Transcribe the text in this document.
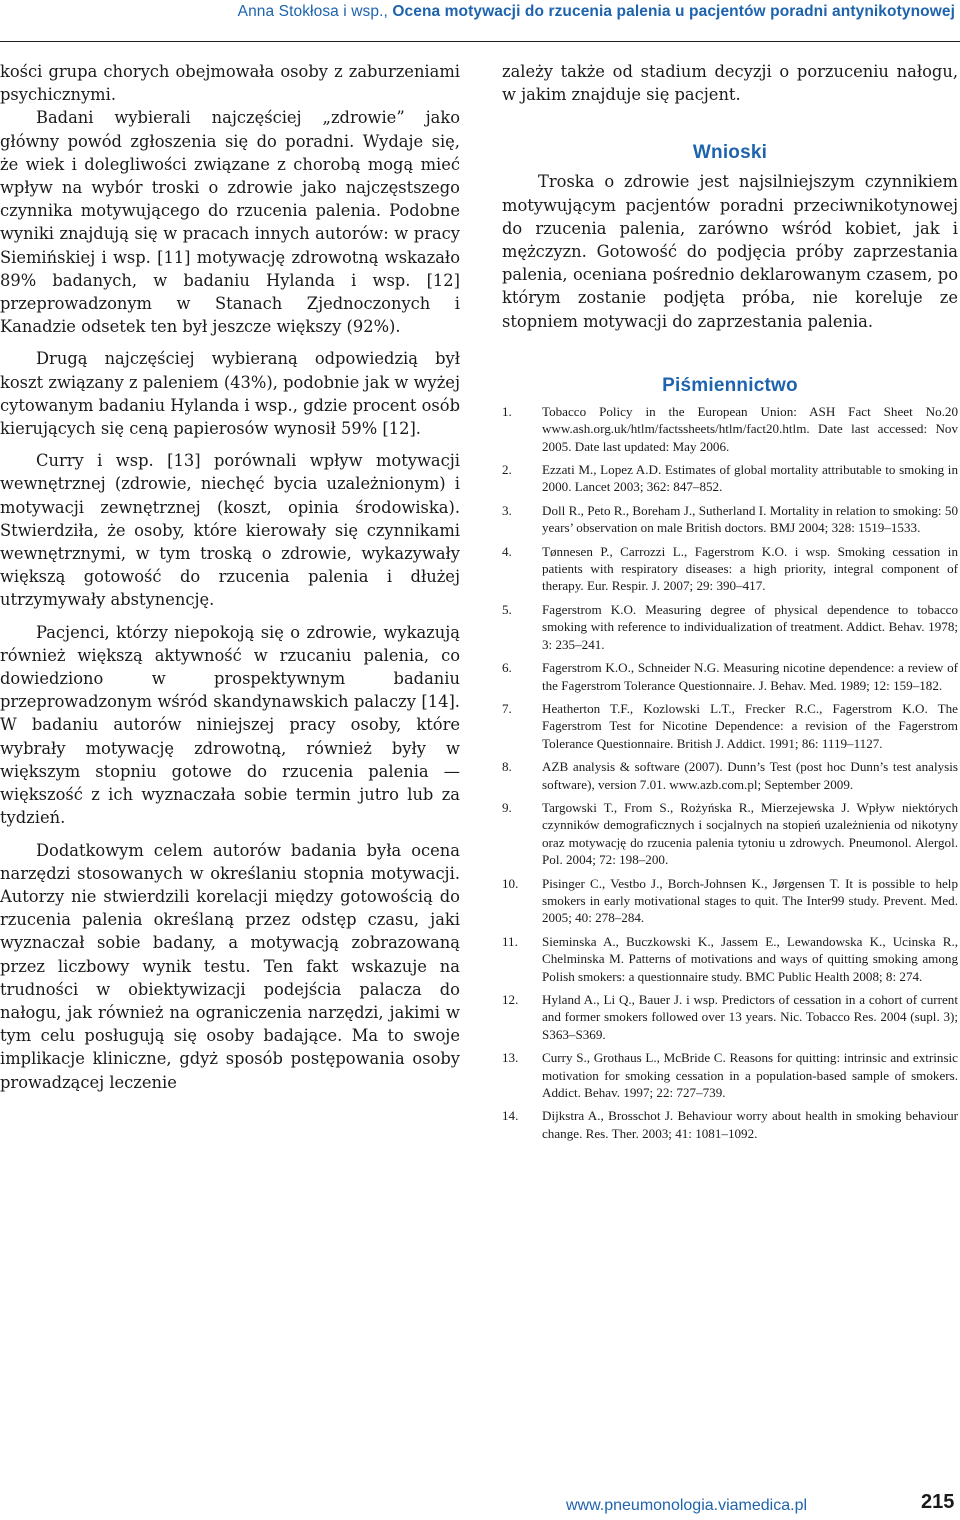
Anna Stokłosa i wsp., Ocena motywacji do rzucenia palenia u pacjentów poradni antynikotynowej

kości grupa chorych obejmowała osoby z zaburzeniami psychicznymi.

Badani wybierali najczęściej „zdrowie” jako główny powód zgłoszenia się do poradni. Wydaje się, że wiek i dolegliwości związane z chorobą mogą mieć wpływ na wybór troski o zdrowie jako najczęstszego czynnika motywującego do rzucenia palenia. Podobne wyniki znajdują się w pracach innych autorów: w pracy Siemińskiej i wsp. [11] motywację zdrowotną wskazało 89% badanych, w badaniu Hylanda i wsp. [12] przeprowadzonym w Stanach Zjednoczonych i Kanadzie odsetek ten był jeszcze większy (92%).

Drugą najczęściej wybieraną odpowiedzią był koszt związany z paleniem (43%), podobnie jak w wyżej cytowanym badaniu Hylanda i wsp., gdzie procent osób kierujących się ceną papierosów wynosił 59% [12].

Curry i wsp. [13] porównali wpływ motywacji wewnętrznej (zdrowie, niechęć bycia uzależnionym) i motywacji zewnętrznej (koszt, opinia środowiska). Stwierdziła, że osoby, które kierowały się czynnikami wewnętrznymi, w tym troską o zdrowie, wykazywały większą gotowość do rzucenia palenia i dłużej utrzymywały abstynencję.

Pacjenci, którzy niepokoją się o zdrowie, wykazują również większą aktywność w rzucaniu palenia, co dowiedziono w prospektywnym badaniu przeprowadzonym wśród skandynawskich palaczy [14]. W badaniu autorów niniejszej pracy osoby, które wybrały motywację zdrowotną, również były w większym stopniu gotowe do rzucenia palenia — większość z ich wyznaczała sobie termin jutro lub za tydzień.

Dodatkowym celem autorów badania była ocena narzędzi stosowanych w określaniu stopnia motywacji. Autorzy nie stwierdzili korelacji między gotowością do rzucenia palenia określaną przez odstęp czasu, jaki wyznaczał sobie badany, a motywacją zobrazowaną przez liczbowy wynik testu. Ten fakt wskazuje na trudności w obiektywizacji podejścia palacza do nałogu, jak również na ograniczenia narzędzi, jakimi w tym celu posługują się osoby badające. Ma to swoje implikacje kliniczne, gdyż sposób postępowania osoby prowadzącej leczenie

zależy także od stadium decyzji o porzuceniu nałogu, w jakim znajduje się pacjent.

Wnioski

Troska o zdrowie jest najsilniejszym czynnikiem motywującym pacjentów poradni przeciwnikotynowej do rzucenia palenia, zarówno wśród kobiet, jak i mężczyzn. Gotowość do podjęcia próby zaprzestania palenia, oceniana pośrednio deklarowanym czasem, po którym zostanie podjęta próba, nie koreluje ze stopniem motywacji do zaprzestania palenia.

Piśmiennictwo
1.	Tobacco Policy in the European Union: ASH Fact Sheet No.20 www.ash.org.uk/htlm/factssheets/htlm/fact20.htlm. Date last accessed: Nov 2005. Date last updated: May 2006.
2.	Ezzati M., Lopez A.D. Estimates of global mortality attributable to smoking in 2000. Lancet 2003; 362: 847–852.
3.	Doll R., Peto R., Boreham J., Sutherland I. Mortality in relation to smoking: 50 years’ observation on male British doctors. BMJ 2004; 328: 1519–1533.
4.	Tønnesen P., Carrozzi L., Fagerstrom K.O. i wsp. Smoking cessation in patients with respiratory diseases: a high priority, integral component of therapy. Eur. Respir. J. 2007; 29: 390–417.
5.	Fagerstrom K.O. Measuring degree of physical dependence to tobacco smoking with reference to individualization of treatment. Addict. Behav. 1978; 3: 235–241.
6.	Fagerstrom K.O., Schneider N.G. Measuring nicotine dependence: a review of the Fagerstrom Tolerance Questionnaire. J. Behav. Med. 1989; 12: 159–182.
7.	Heatherton T.F., Kozlowski L.T., Frecker R.C., Fagerstrom K.O. The Fagerstrom Test for Nicotine Dependence: a revision of the Fagerstrom Tolerance Questionnaire. British J. Addict. 1991; 86: 1119–1127.
8.	AZB analysis & software (2007). Dunn’s Test (post hoc Dunn’s test analysis software), version 7.01. www.azb.com.pl; September 2009.
9.	Targowski T., From S., Rożyńska R., Mierzejewska J. Wpływ niektórych czynników demograficznych i socjalnych na stopień uzależnienia od nikotyny oraz motywację do rzucenia palenia tytoniu u zdrowych. Pneumonol. Alergol. Pol. 2004; 72: 198–200.
10.	Pisinger C., Vestbo J., Borch-Johnsen K., Jørgensen T. It is possible to help smokers in early motivational stages to quit. The Inter99 study. Prevent. Med. 2005; 40: 278–284.
11.	Sieminska A., Buczkowski K., Jassem E., Lewandowska K., Ucinska R., Chelminska M. Patterns of motivations and ways of quitting smoking among Polish smokers: a questionnaire study. BMC Public Health 2008; 8: 274.
12.	Hyland A., Li Q., Bauer J. i wsp. Predictors of cessation in a cohort of current and former smokers followed over 13 years. Nic. Tobacco Res. 2004 (supl. 3); S363–S369.
13.	Curry S., Grothaus L., McBride C. Reasons for quitting: intrinsic and extrinsic motivation for smoking cessation in a population-based sample of smokers. Addict. Behav. 1997; 22: 727–739.
14.	Dijkstra A., Brosschot J. Behaviour worry about health in smoking behaviour change. Res. Ther. 2003; 41: 1081–1092.
www.pneumonologia.viamedica.pl	215
